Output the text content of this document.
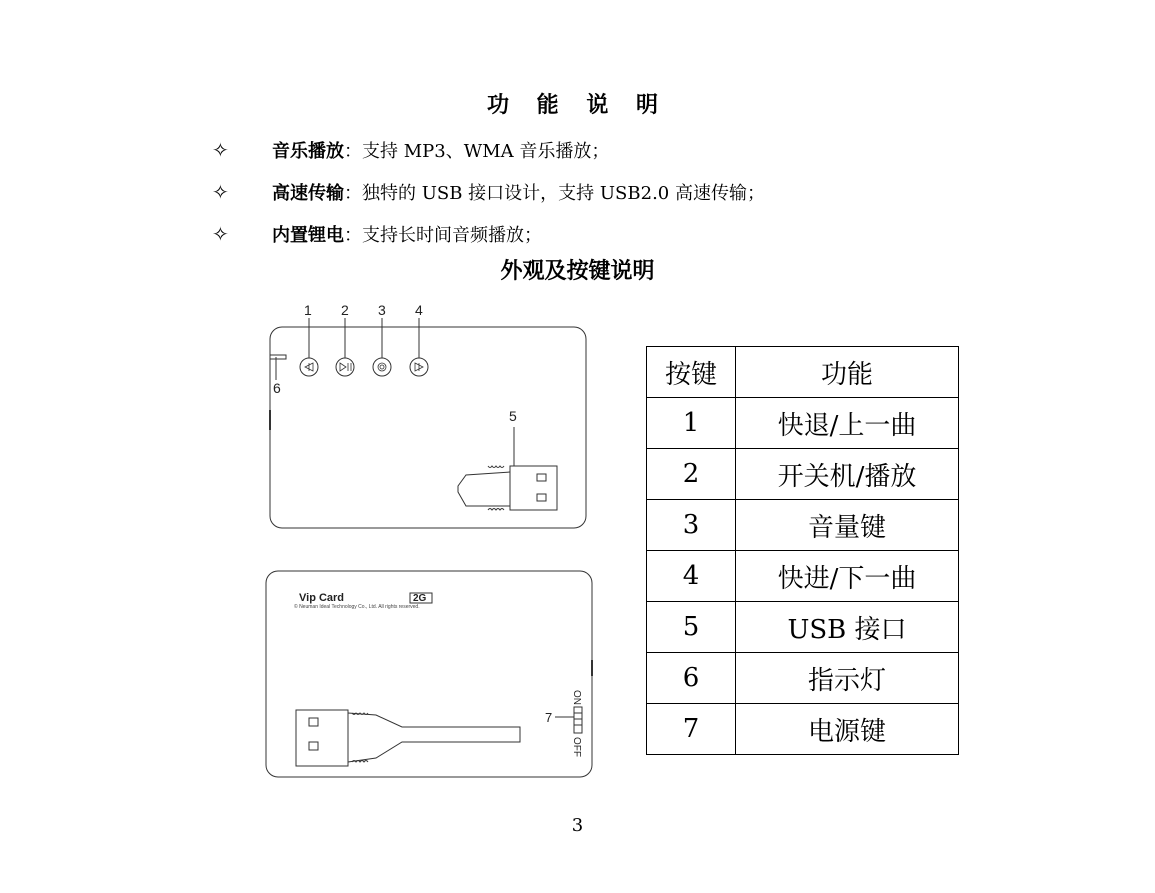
功 能 说 明
✧ 音乐播放：支持 MP3、WMA 音乐播放；
✧ 高速传输：独特的 USB 接口设计，支持 USB2.0 高速传输；
✧ 内置锂电：支持长时间音频播放；
外观及按键说明
1 2 3 4
5
6
7
Vip Card	2G
© Neuman Ideal Technology Co., Ltd. All rights reserved.
ON
OFF
按键	功能
1	快退/上一曲
2	开关机/播放
3	音量键
4	快进/下一曲
5	USB 接口
6	指示灯
7	电源键
3
